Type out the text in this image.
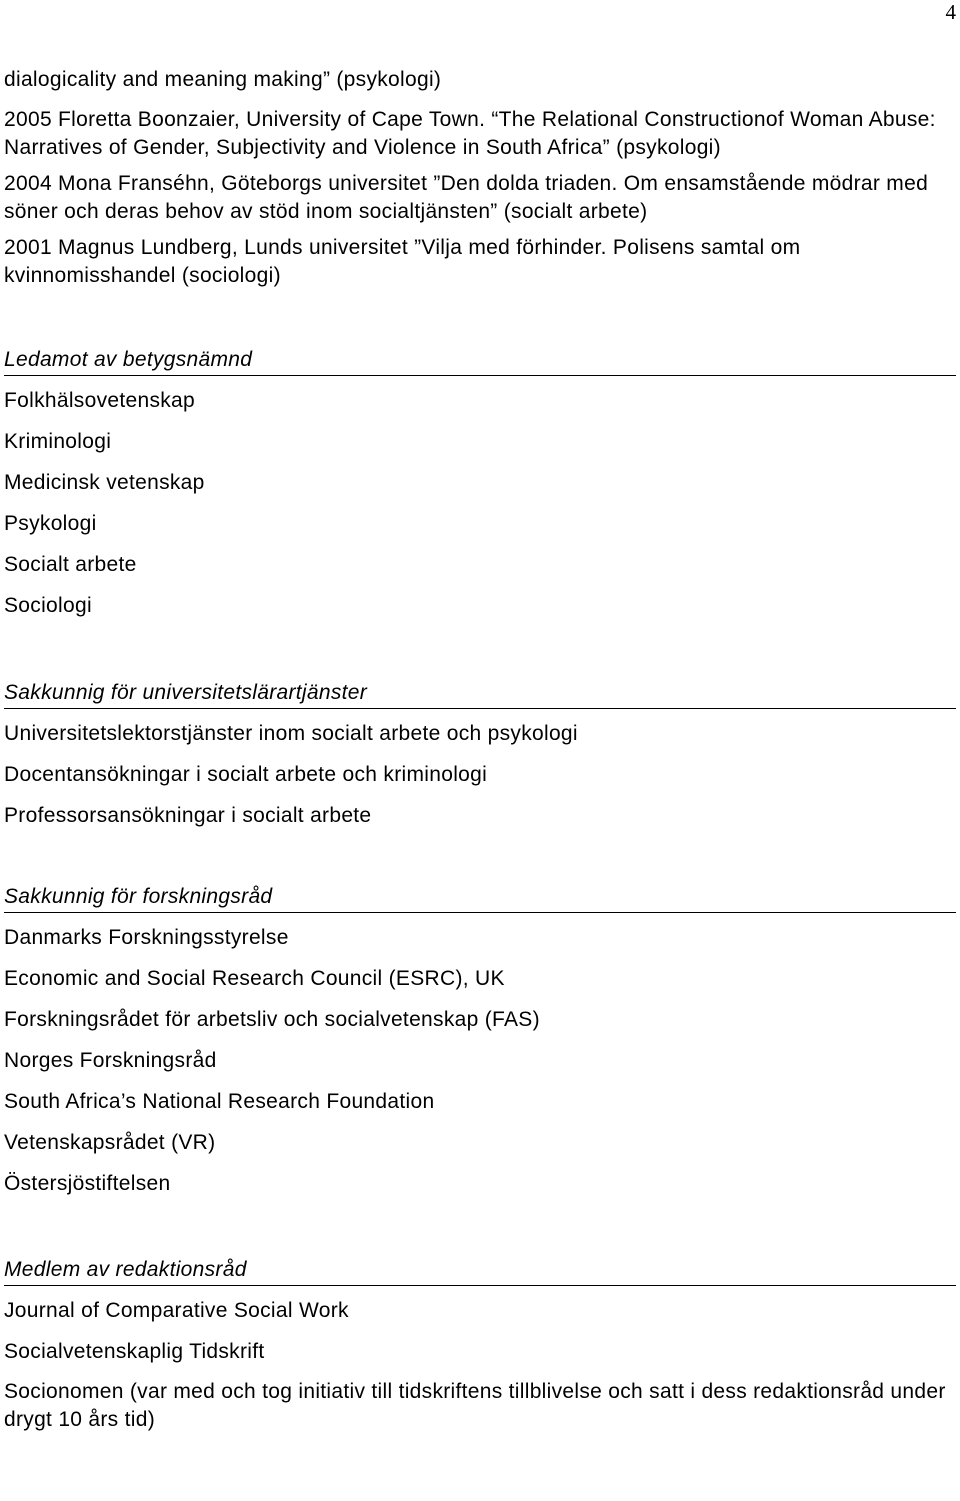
4

dialogicality and meaning making” (psykologi)

2005 Floretta Boonzaier, University of Cape Town. “The Relational Constructionof Woman Abuse: Narratives of Gender, Subjectivity and Violence in South Africa” (psykologi)

2004 Mona Franséhn, Göteborgs universitet ”Den dolda triaden. Om ensamstående mödrar med söner och deras behov av stöd inom socialtjänsten” (socialt arbete)

2001 Magnus Lundberg, Lunds universitet ”Vilja med förhinder. Polisens samtal om kvinnomisshandel (sociologi)

Ledamot av betygsnämnd
Folkhälsovetenskap
Kriminologi
Medicinsk vetenskap
Psykologi
Socialt arbete
Sociologi
Sakkunnig för universitetslärartjänster
Universitetslektorstjänster inom socialt arbete och psykologi
Docentansökningar i socialt arbete och kriminologi
Professorsansökningar i socialt arbete
Sakkunnig för forskningsråd
Danmarks Forskningsstyrelse
Economic and Social Research Council (ESRC), UK
Forskningsrådet för arbetsliv och socialvetenskap (FAS)
Norges Forskningsråd
South Africa’s National Research Foundation
Vetenskapsrådet (VR)
Östersjöstiftelsen
Medlem av redaktionsråd
Journal of Comparative Social Work
Socialvetenskaplig Tidskrift
Socionomen (var med och tog initiativ till tidskriftens tillblivelse och satt i dess redaktionsråd under drygt 10 års tid)
